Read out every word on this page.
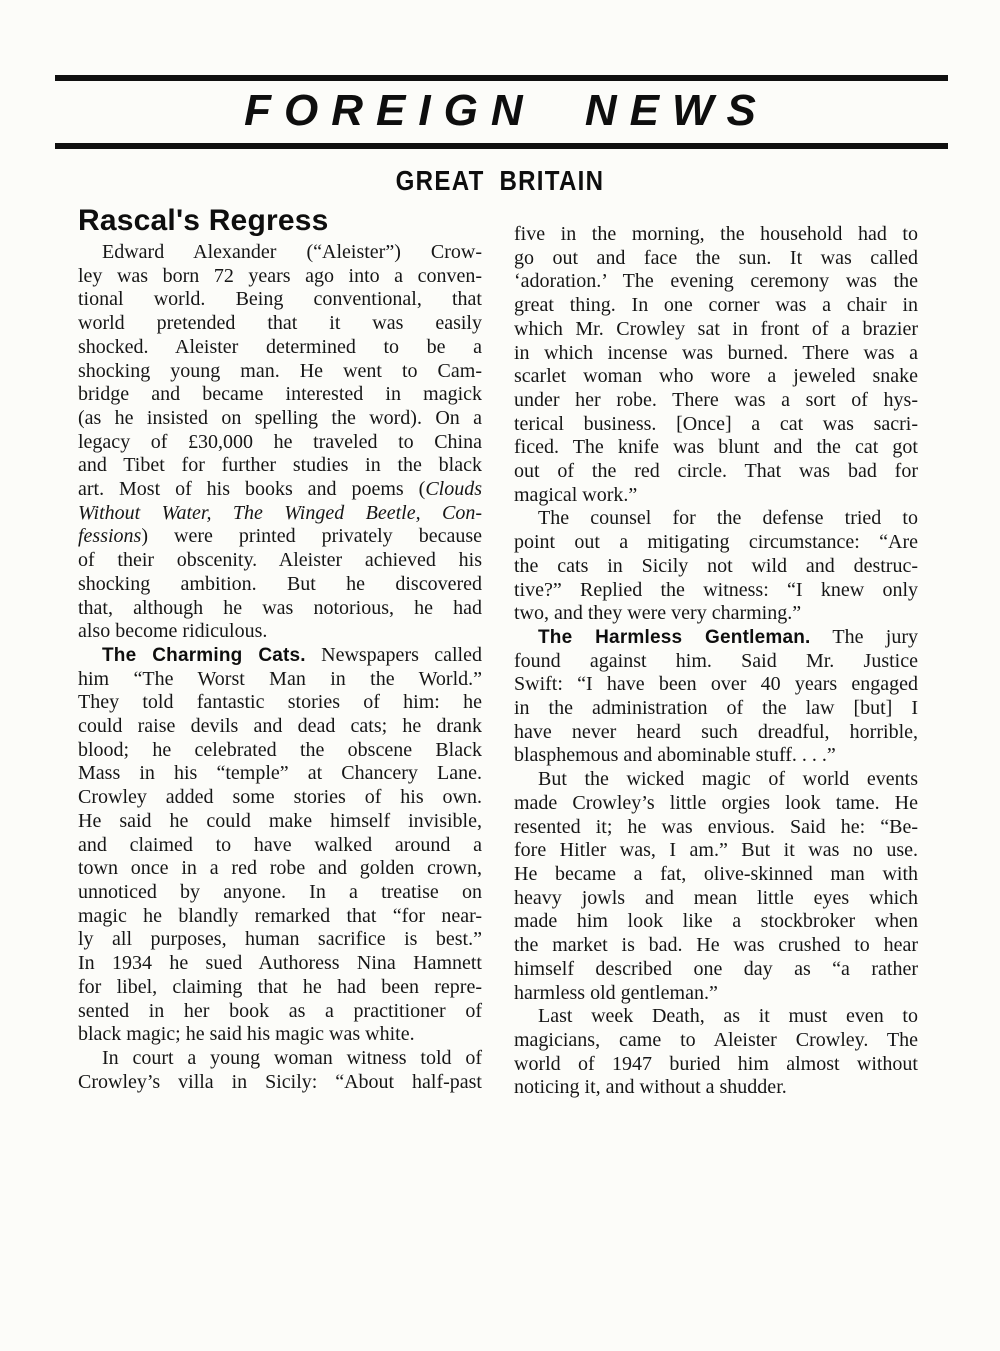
FOREIGN NEWS
GREAT BRITAIN
Rascal's Regress
Edward Alexander (“Aleister”) Crow-
ley was born 72 years ago into a conven-
tional world. Being conventional, that
world pretended that it was easily
shocked. Aleister determined to be a
shocking young man. He went to Cam-
bridge and became interested in magick
(as he insisted on spelling the word). On a
legacy of £30,000 he traveled to China
and Tibet for further studies in the black
art. Most of his books and poems (Clouds
Without Water, The Winged Beetle, Con-
fessions) were printed privately because
of their obscenity. Aleister achieved his
shocking ambition. But he discovered
that, although he was notorious, he had
also become ridiculous.
The Charming Cats. Newspapers called
him “The Worst Man in the World.”
They told fantastic stories of him: he
could raise devils and dead cats; he drank
blood; he celebrated the obscene Black
Mass in his “temple” at Chancery Lane.
Crowley added some stories of his own.
He said he could make himself invisible,
and claimed to have walked around a
town once in a red robe and golden crown,
unnoticed by anyone. In a treatise on
magic he blandly remarked that “for near-
ly all purposes, human sacrifice is best.”
In 1934 he sued Authoress Nina Hamnett
for libel, claiming that he had been repre-
sented in her book as a practitioner of
black magic; he said his magic was white.
In court a young woman witness told of
Crowley’s villa in Sicily: “About half-past
five in the morning, the household had to
go out and face the sun. It was called
‘adoration.’ The evening ceremony was the
great thing. In one corner was a chair in
which Mr. Crowley sat in front of a brazier
in which incense was burned. There was a
scarlet woman who wore a jeweled snake
under her robe. There was a sort of hys-
terical business. [Once] a cat was sacri-
ficed. The knife was blunt and the cat got
out of the red circle. That was bad for
magical work.”
The counsel for the defense tried to
point out a mitigating circumstance: “Are
the cats in Sicily not wild and destruc-
tive?” Replied the witness: “I knew only
two, and they were very charming.”
The Harmless Gentleman. The jury
found against him. Said Mr. Justice
Swift: “I have been over 40 years engaged
in the administration of the law [but] I
have never heard such dreadful, horrible,
blasphemous and abominable stuff. . . .”
But the wicked magic of world events
made Crowley’s little orgies look tame. He
resented it; he was envious. Said he: “Be-
fore Hitler was, I am.” But it was no use.
He became a fat, olive-skinned man with
heavy jowls and mean little eyes which
made him look like a stockbroker when
the market is bad. He was crushed to hear
himself described one day as “a rather
harmless old gentleman.”
Last week Death, as it must even to
magicians, came to Aleister Crowley. The
world of 1947 buried him almost without
noticing it, and without a shudder.
